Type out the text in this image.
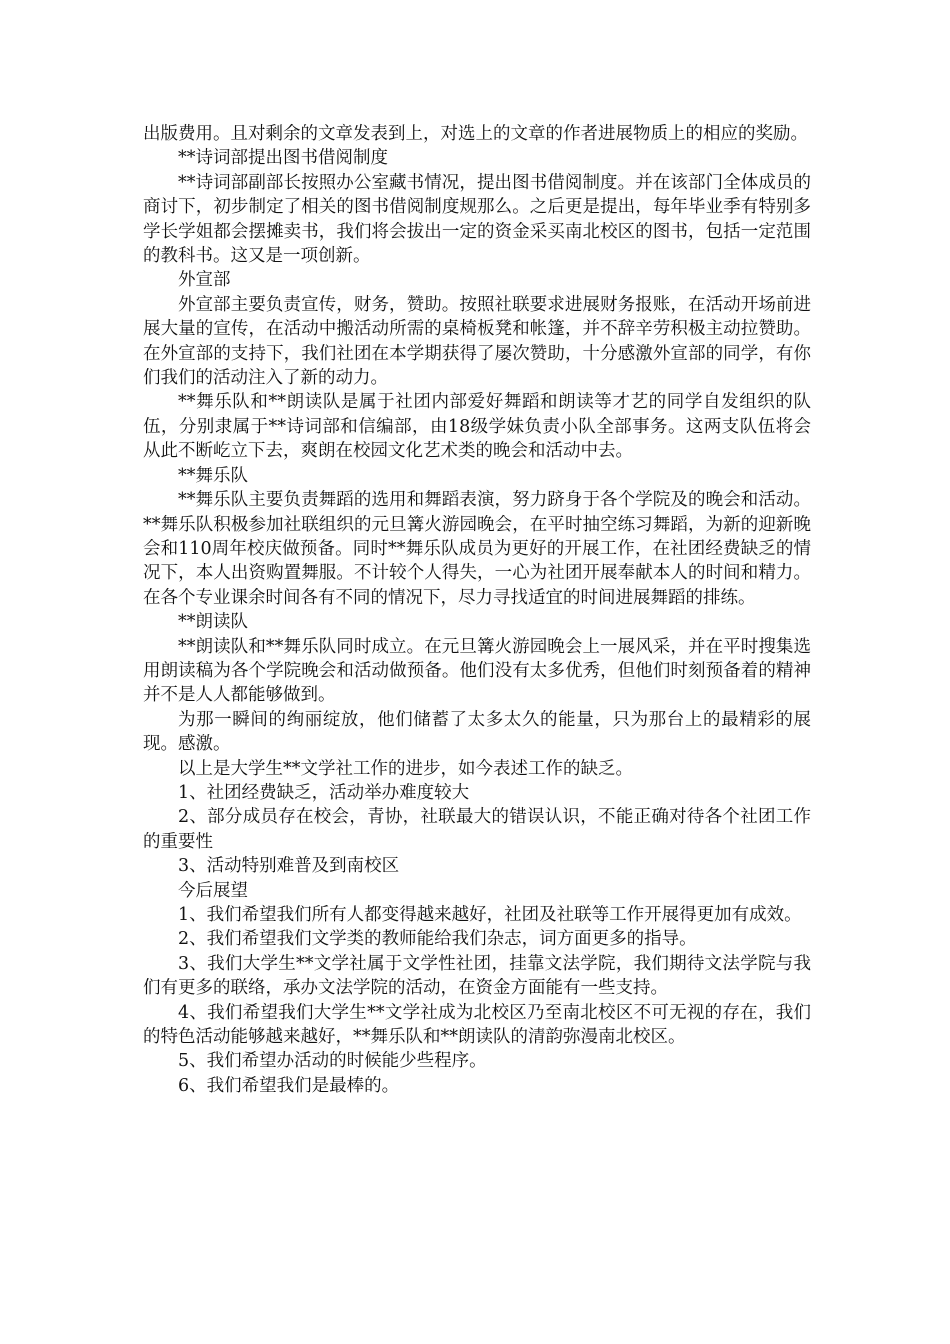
出版费用。且对剩余的文章发表到上，对选上的文章的作者进展物质上的相应的奖励。

**诗词部提出图书借阅制度

**诗词部副部长按照办公室藏书情况，提出图书借阅制度。并在该部门全体成员的商讨下，初步制定了相关的图书借阅制度规那么。之后更是提出，每年毕业季有特别多学长学姐都会摆摊卖书，我们将会拔出一定的资金采买南北校区的图书，包括一定范围的教科书。这又是一项创新。

外宣部

外宣部主要负责宣传，财务，赞助。按照社联要求进展财务报账，在活动开场前进展大量的宣传，在活动中搬活动所需的桌椅板凳和帐篷，并不辞辛劳积极主动拉赞助。在外宣部的支持下，我们社团在本学期获得了屡次赞助，十分感激外宣部的同学，有你们我们的活动注入了新的动力。

**舞乐队和**朗读队是属于社团内部爱好舞蹈和朗读等才艺的同学自发组织的队伍，分别隶属于**诗词部和信编部，由18级学妹负责小队全部事务。这两支队伍将会从此不断屹立下去，爽朗在校园文化艺术类的晚会和活动中去。

**舞乐队

**舞乐队主要负责舞蹈的选用和舞蹈表演，努力跻身于各个学院及的晚会和活动。**舞乐队积极参加社联组织的元旦篝火游园晚会，在平时抽空练习舞蹈，为新的迎新晚会和110周年校庆做预备。同时**舞乐队成员为更好的开展工作，在社团经费缺乏的情况下，本人出资购置舞服。不计较个人得失，一心为社团开展奉献本人的时间和精力。在各个专业课余时间各有不同的情况下，尽力寻找适宜的时间进展舞蹈的排练。

**朗读队

**朗读队和**舞乐队同时成立。在元旦篝火游园晚会上一展风采，并在平时搜集选用朗读稿为各个学院晚会和活动做预备。他们没有太多优秀，但他们时刻预备着的精神并不是人人都能够做到。

为那一瞬间的绚丽绽放，他们储蓄了太多太久的能量，只为那台上的最精彩的展现。感激。

以上是大学生**文学社工作的进步，如今表述工作的缺乏。

1、社团经费缺乏，活动举办难度较大

2、部分成员存在校会，青协，社联最大的错误认识，不能正确对待各个社团工作的重要性

3、活动特别难普及到南校区

今后展望

1、我们希望我们所有人都变得越来越好，社团及社联等工作开展得更加有成效。

2、我们希望我们文学类的教师能给我们杂志，词方面更多的指导。

3、我们大学生**文学社属于文学性社团，挂靠文法学院，我们期待文法学院与我们有更多的联络，承办文法学院的活动，在资金方面能有一些支持。

4、我们希望我们大学生**文学社成为北校区乃至南北校区不可无视的存在，我们的特色活动能够越来越好，**舞乐队和**朗读队的清韵弥漫南北校区。

5、我们希望办活动的时候能少些程序。

6、我们希望我们是最棒的。
